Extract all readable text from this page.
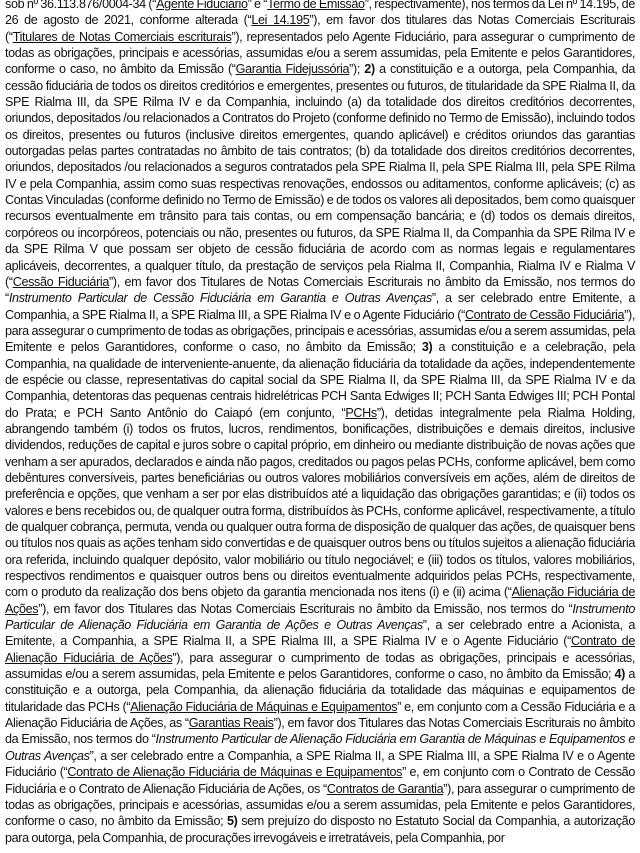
sob nº 36.113.876/0004-34 (“Agente Fiduciário” e “Termo de Emissão”, respectivamente), nos termos da Lei nº 14.195, de 26 de agosto de 2021, conforme alterada (“Lei 14.195”), em favor dos titulares das Notas Comerciais Escriturais (“Titulares de Notas Comerciais escriturais”), representados pelo Agente Fiduciário, para assegurar o cumprimento de todas as obrigações, principais e acessórias, assumidas e/ou a serem assumidas, pela Emitente e pelos Garantidores, conforme o caso, no âmbito da Emissão (“Garantia Fidejussória”); 2) a constituição e a outorga, pela Companhia, da cessão fiduciária de todos os direitos creditórios e emergentes, presentes ou futuros, de titularidade da SPE Rialma II, da SPE Rialma III, da SPE Rilma IV e da Companhia, incluindo (a) da totalidade dos direitos creditórios decorrentes, oriundos, depositados /ou relacionados a Contratos do Projeto (conforme definido no Termo de Emissão), incluindo todos os direitos, presentes ou futuros (inclusive direitos emergentes, quando aplicável) e créditos oriundos das garantias outorgadas pelas partes contratadas no âmbito de tais contratos; (b) da totalidade dos direitos creditórios decorrentes, oriundos, depositados /ou relacionados a seguros contratados pela SPE Rialma II, pela SPE Rialma III, pela SPE Rilma IV e pela Companhia, assim como suas respectivas renovações, endossos ou aditamentos, conforme aplicáveis; (c) as Contas Vinculadas (conforme definido no Termo de Emissão) e de todos os valores ali depositados, bem como quaisquer recursos eventualmente em trânsito para tais contas, ou em compensação bancária; e (d) todos os demais direitos, corpóreos ou incorpóreos, potenciais ou não, presentes ou futuros, da SPE Rialma II, da Companhia da SPE Rilma IV e da SPE Rilma V que possam ser objeto de cessão fiduciária de acordo com as normas legais e regulamentares aplicáveis, decorrentes, a qualquer título, da prestação de serviços pela Rialma II, Companhia, Rialma IV e Rialma V (“Cessão Fiduciária”), em favor dos Titulares de Notas Comerciais Escriturais no âmbito da Emissão, nos termos do “Instrumento Particular de Cessão Fiduciária em Garantia e Outras Avenças”, a ser celebrado entre Emitente, a Companhia, a SPE Rialma II, a SPE Rialma III, a SPE Rialma IV e o Agente Fiduciário (“Contrato de Cessão Fiduciária”), para assegurar o cumprimento de todas as obrigações, principais e acessórias, assumidas e/ou a serem assumidas, pela Emitente e pelos Garantidores, conforme o caso, no âmbito da Emissão; 3) a constituição e a celebração, pela Companhia, na qualidade de interveniente-anuente, da alienação fiduciária da totalidade da ações, independentemente de espécie ou classe, representativas do capital social da SPE Rialma II, da SPE Rialma III, da SPE Rialma IV e da Companhia, detentoras das pequenas centrais hidrelétricas PCH Santa Edwiges II; PCH Santa Edwiges III; PCH Pontal do Prata; e PCH Santo Antônio do Caiapó (em conjunto, “PCHs”), detidas integralmente pela Rialma Holding, abrangendo também (i) todos os frutos, lucros, rendimentos, bonificações, distribuições e demais direitos, inclusive dividendos, reduções de capital e juros sobre o capital próprio, em dinheiro ou mediante distribuição de novas ações que venham a ser apurados, declarados e ainda não pagos, creditados ou pagos pelas PCHs, conforme aplicável, bem como debêntures conversíveis, partes beneficiárias ou outros valores mobiliários conversíveis em ações, além de direitos de preferência e opções, que venham a ser por elas distribuídos até a liquidação das obrigações garantidas; e (ii) todos os valores e bens recebidos ou, de qualquer outra forma, distribuídos às PCHs, conforme aplicável, respectivamente, a título de qualquer cobrança, permuta, venda ou qualquer outra forma de disposição de qualquer das ações, de quaisquer bens ou títulos nos quais as ações tenham sido convertidas e de quaisquer outros bens ou títulos sujeitos a alienação fiduciária ora referida, incluindo qualquer depósito, valor mobiliário ou título negociável; e (iii) todos os títulos, valores mobiliários, respectivos rendimentos e quaisquer outros bens ou direitos eventualmente adquiridos pelas PCHs, respectivamente, com o produto da realização dos bens objeto da garantia mencionada nos itens (i) e (ii) acima (“Alienação Fiduciária de Ações”), em favor dos Titulares das Notas Comerciais Escriturais no âmbito da Emissão, nos termos do “Instrumento Particular de Alienação Fiduciária em Garantia de Ações e Outras Avenças”, a ser celebrado entre a Acionista, a Emitente, a Companhia, a SPE Rialma II, a SPE Rialma III, a SPE Rialma IV e o Agente Fiduciário (“Contrato de Alienação Fiduciária de Ações”), para assegurar o cumprimento de todas as obrigações, principais e acessórias, assumidas e/ou a serem assumidas, pela Emitente e pelos Garantidores, conforme o caso, no âmbito da Emissão; 4) a constituição e a outorga, pela Companhia, da alienação fiduciária da totalidade das máquinas e equipamentos de titularidade das PCHs (“Alienação Fiduciária de Máquinas e Equipamentos” e, em conjunto com a Cessão Fiduciária e a Alienação Fiduciária de Ações, as “Garantias Reais”), em favor dos Titulares das Notas Comerciais Escriturais no âmbito da Emissão, nos termos do “Instrumento Particular de Alienação Fiduciária em Garantia de Máquinas e Equipamentos e Outras Avenças”, a ser celebrado entre a Companhia, a SPE Rialma II, a SPE Rialma III, a SPE Rialma IV e o Agente Fiduciário (“Contrato de Alienação Fiduciária de Máquinas e Equipamentos” e, em conjunto com o Contrato de Cessão Fiduciária e o Contrato de Alienação Fiduciária de Ações, os “Contratos de Garantia”), para assegurar o cumprimento de todas as obrigações, principais e acessórias, assumidas e/ou a serem assumidas, pela Emitente e pelos Garantidores, conforme o caso, no âmbito da Emissão; 5) sem prejuízo do disposto no Estatuto Social da Companhia, a autorização para outorga, pela Companhia, de procurações irrevogáveis e irretratáveis, pela Companhia, por
